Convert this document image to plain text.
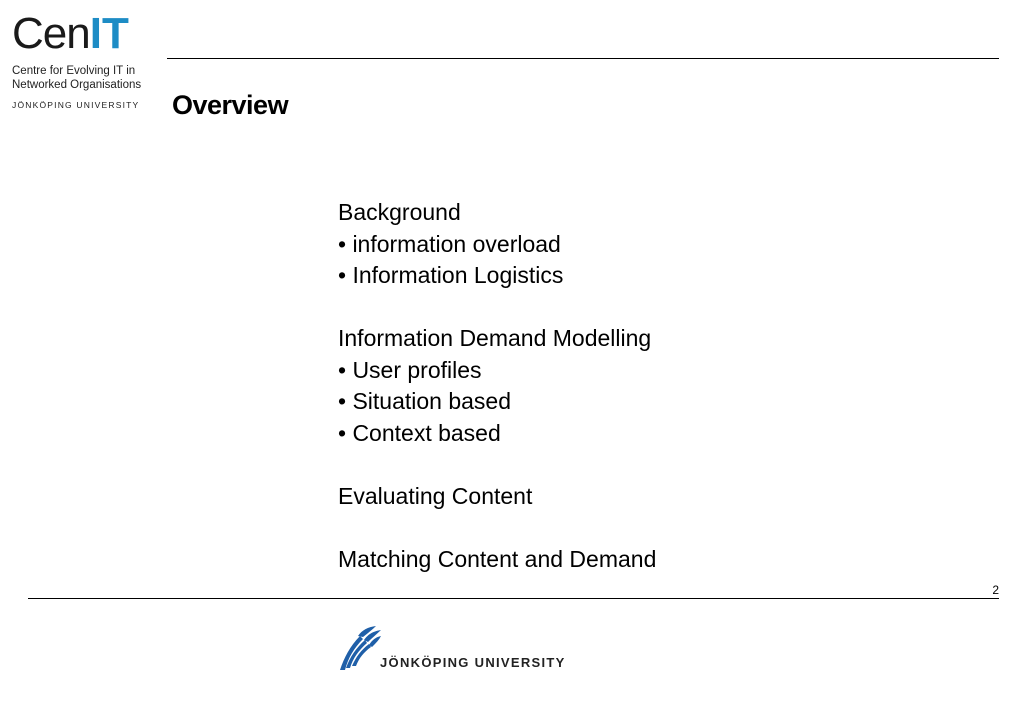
CenIT
Centre for Evolving IT in
Networked Organisations
JÖNKÖPING UNIVERSITY	Overview
Background
• information overload
• Information Logistics
Information Demand Modelling
• User profiles
• Situation based
• Context based
Evaluating Content
Matching Content and Demand
2
JÖNKÖPING UNIVERSITY
